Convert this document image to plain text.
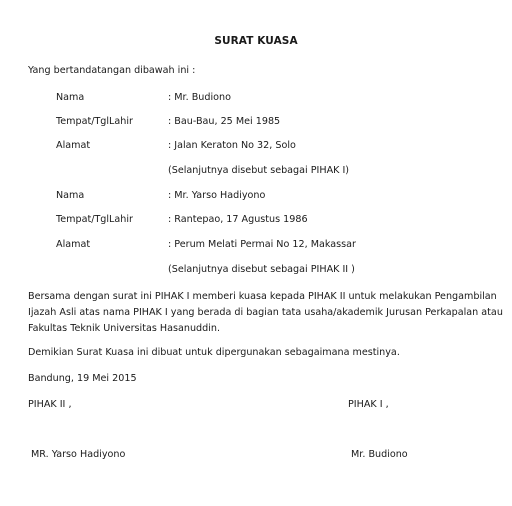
SURAT KUASA
Yang bertandatangan dibawah ini :
Nama	: Mr. Budiono
Tempat/TglLahir	: Bau-Bau, 25 Mei 1985
Alamat	: Jalan Keraton No 32, Solo
(Selanjutnya disebut sebagai PIHAK I)
Nama	: Mr. Yarso Hadiyono
Tempat/TglLahir	: Rantepao, 17 Agustus 1986
Alamat	: Perum Melati Permai No 12, Makassar
(Selanjutnya disebut sebagai PIHAK II )
Bersama dengan surat ini PIHAK I memberi kuasa kepada PIHAK II untuk melakukan Pengambilan
Ijazah Asli atas nama PIHAK I yang berada di bagian tata usaha/akademik Jurusan Perkapalan atau
Fakultas Teknik Universitas Hasanuddin.
Demikian Surat Kuasa ini dibuat untuk dipergunakan sebagaimana mestinya.
Bandung, 19 Mei 2015
PIHAK II ,	PIHAK I ,
MR. Yarso Hadiyono	Mr. Budiono
